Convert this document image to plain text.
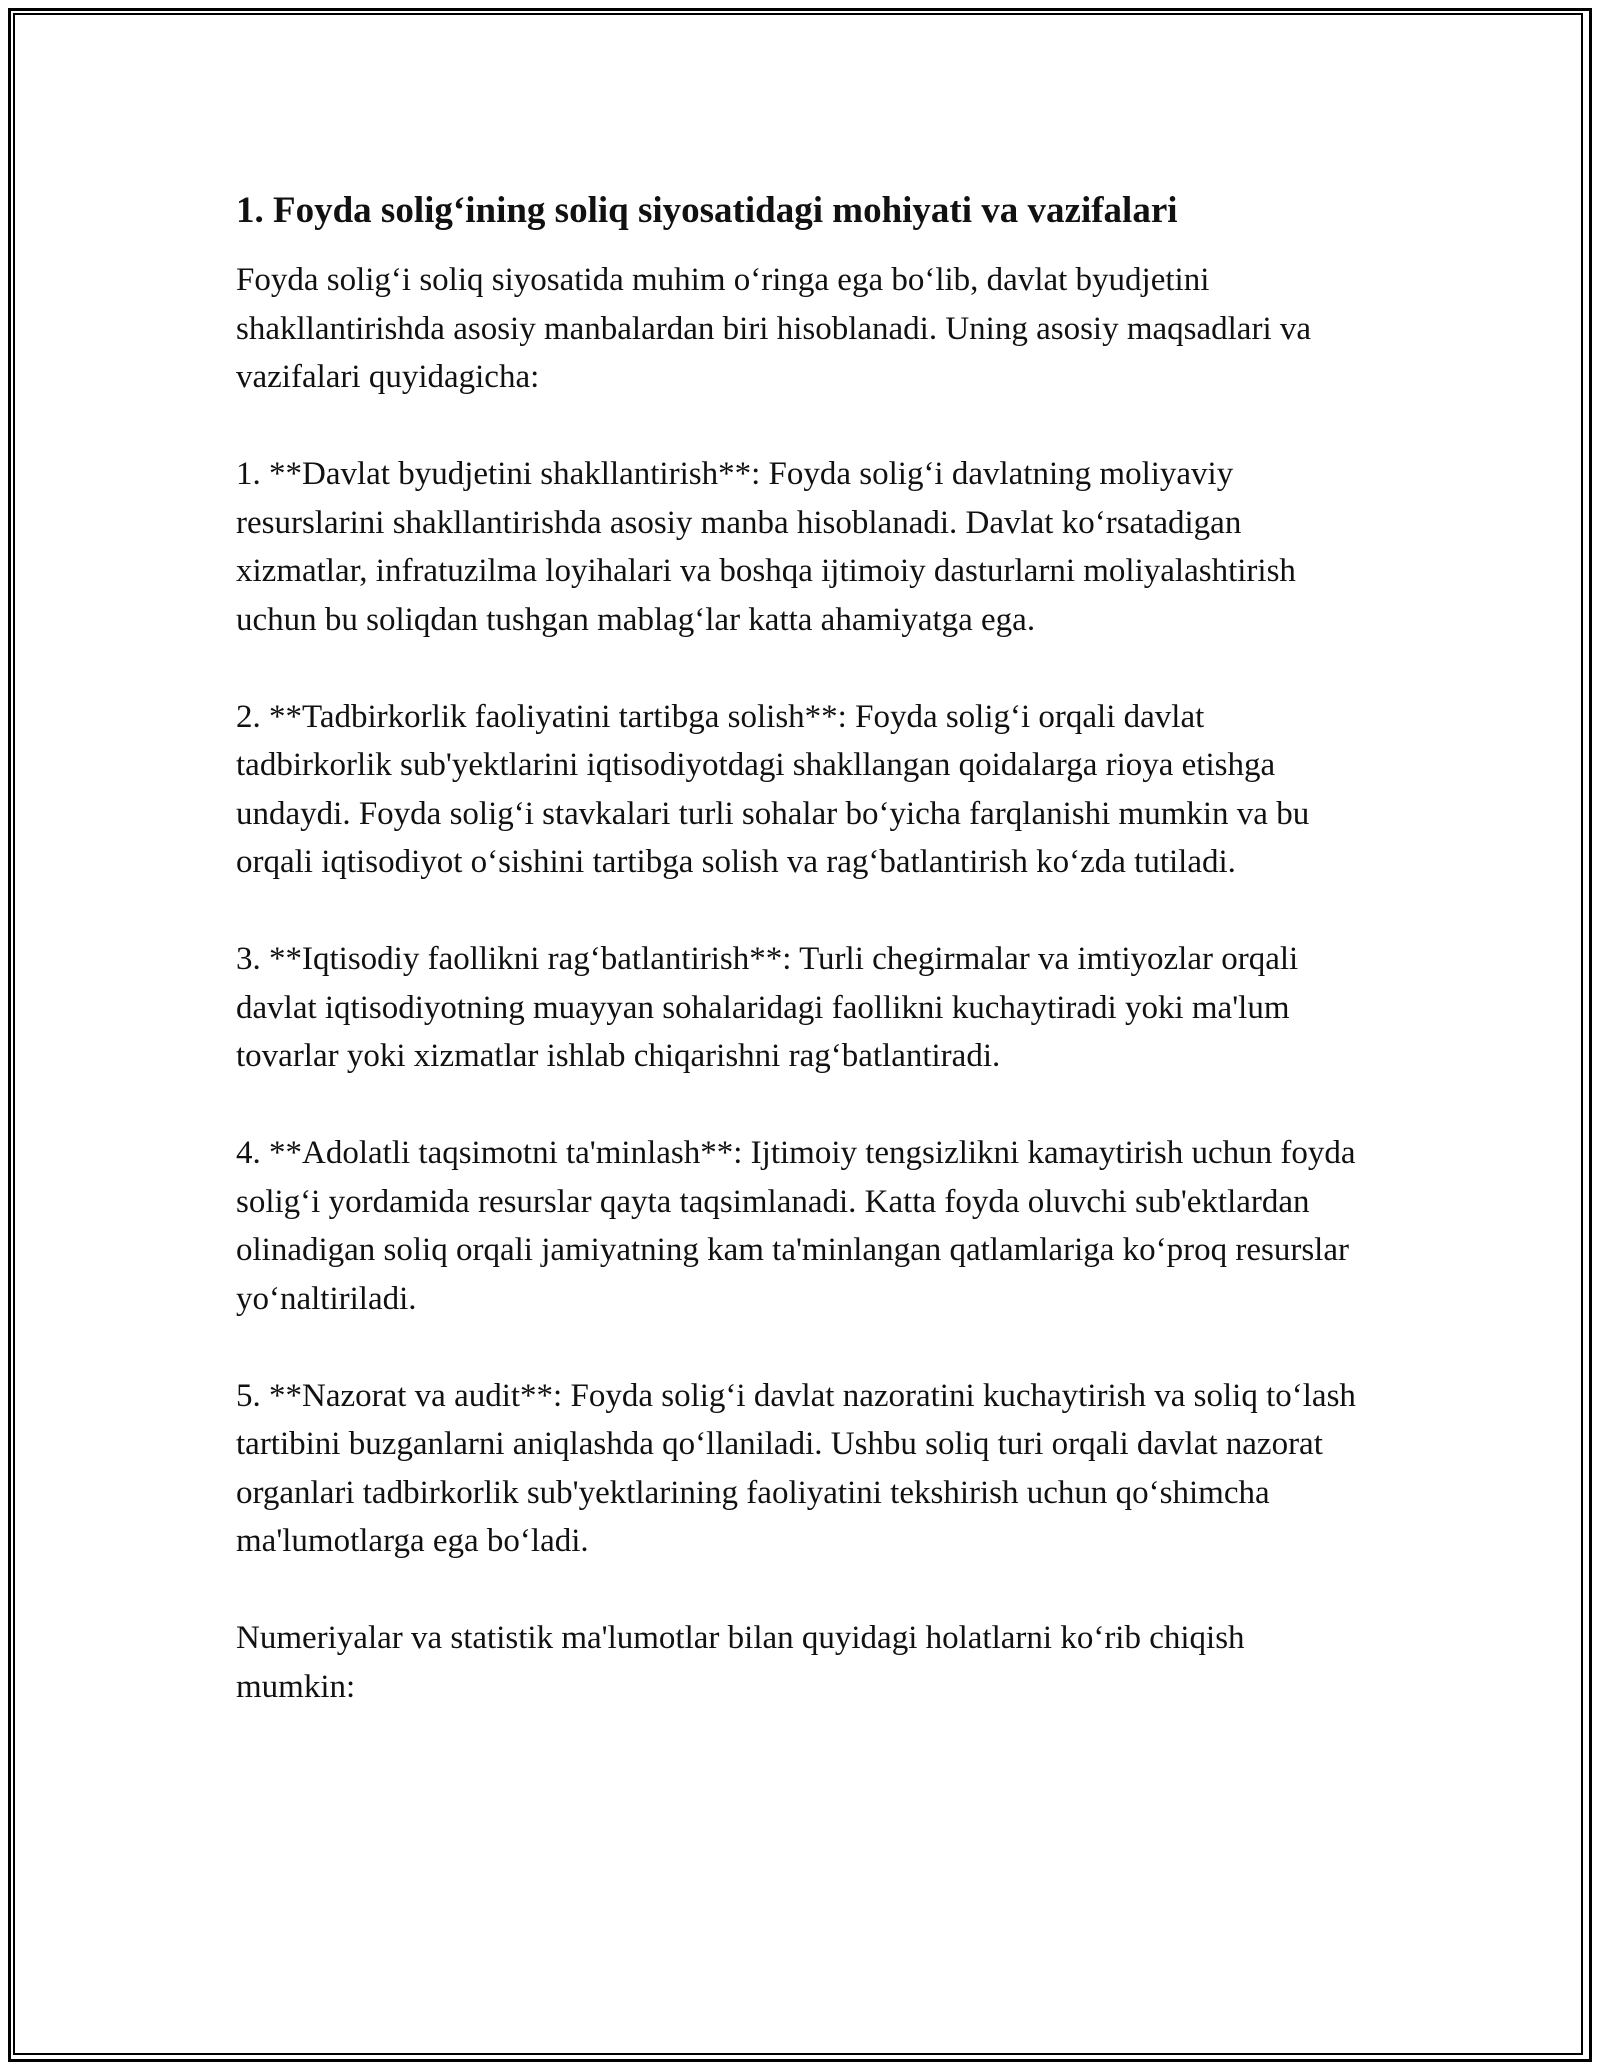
1. Foyda solig‘ining soliq siyosatidagi mohiyati va vazifalari

Foyda solig‘i soliq siyosatida muhim o‘ringa ega bo‘lib, davlat byudjetini shakllantirishda asosiy manbalardan biri hisoblanadi. Uning asosiy maqsadlari va vazifalari quyidagicha:

1. **Davlat byudjetini shakllantirish**: Foyda solig‘i davlatning moliyaviy resurslarini shakllantirishda asosiy manba hisoblanadi. Davlat ko‘rsatadigan xizmatlar, infratuzilma loyihalari va boshqa ijtimoiy dasturlarni moliyalashtirish uchun bu soliqdan tushgan mablag‘lar katta ahamiyatga ega.

2. **Tadbirkorlik faoliyatini tartibga solish**: Foyda solig‘i orqali davlat tadbirkorlik sub'yektlarini iqtisodiyotdagi shakllangan qoidalarga rioya etishga undaydi. Foyda solig‘i stavkalari turli sohalar bo‘yicha farqlanishi mumkin va bu orqali iqtisodiyot o‘sishini tartibga solish va rag‘batlantirish ko‘zda tutiladi.

3. **Iqtisodiy faollikni rag‘batlantirish**: Turli chegirmalar va imtiyozlar orqali davlat iqtisodiyotning muayyan sohalaridagi faollikni kuchaytiradi yoki ma'lum tovarlar yoki xizmatlar ishlab chiqarishni rag‘batlantiradi.

4. **Adolatli taqsimotni ta'minlash**: Ijtimoiy tengsizlikni kamaytirish uchun foyda solig‘i yordamida resurslar qayta taqsimlanadi. Katta foyda oluvchi sub'ektlardan olinadigan soliq orqali jamiyatning kam ta'minlangan qatlamlariga ko‘proq resurslar yo‘naltiriladi.

5. **Nazorat va audit**: Foyda solig‘i davlat nazoratini kuchaytirish va soliq to‘lash tartibini buzganlarni aniqlashda qo‘llaniladi. Ushbu soliq turi orqali davlat nazorat organlari tadbirkorlik sub'yektlarining faoliyatini tekshirish uchun qo‘shimcha ma'lumotlarga ega bo‘ladi.

Numeriyalar va statistik ma'lumotlar bilan quyidagi holatlarni ko‘rib chiqish mumkin:
